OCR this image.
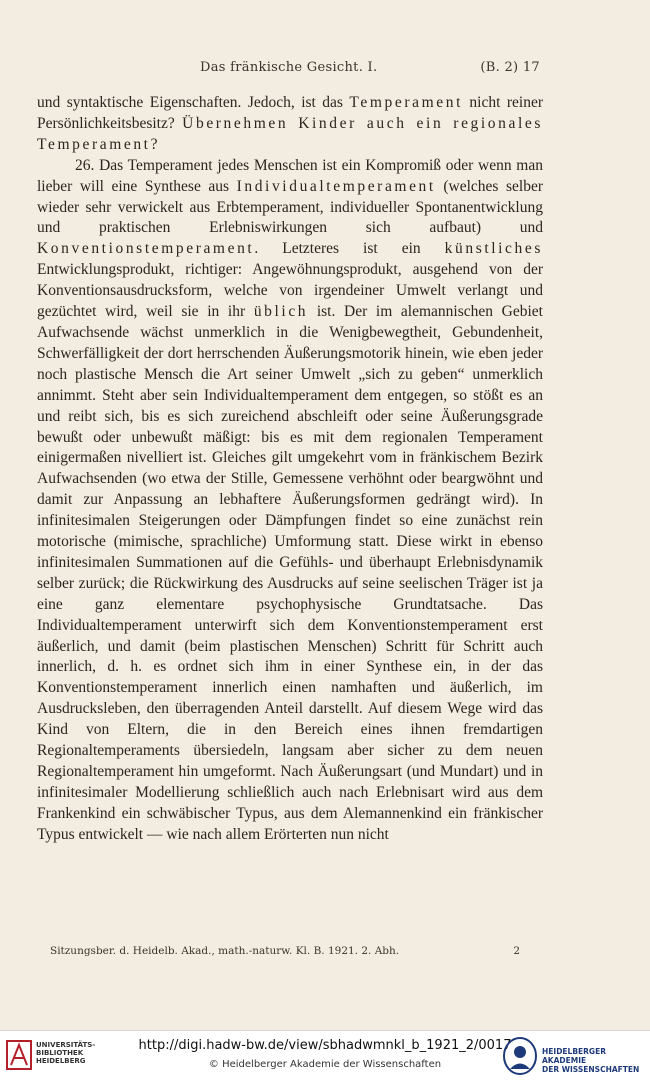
Das fränkische Gesicht. I.	(B. 2) 17

und syntaktische Eigenschaften. Jedoch, ist das Temperament nicht reiner Persönlichkeitsbesitz? Übernehmen Kinder auch ein regionales Temperament?

26. Das Temperament jedes Menschen ist ein Kompromiß oder wenn man lieber will eine Synthese aus Individualtemperament (welches selber wieder sehr verwickelt aus Erbtemperament, individueller Spontanentwicklung und praktischen Erlebniswirkungen sich aufbaut) und Konventionstemperament. Letzteres ist ein künstliches Entwicklungsprodukt, richtiger: Angewöhnungsprodukt, ausgehend von der Konventionsausdrucksform, welche von irgendeiner Umwelt verlangt und gezüchtet wird, weil sie in ihr üblich ist. Der im alemannischen Gebiet Aufwachsende wächst unmerklich in die Wenigbewegtheit, Gebundenheit, Schwerfälligkeit der dort herrschenden Äußerungsmotorik hinein, wie eben jeder noch plastische Mensch die Art seiner Umwelt „sich zu geben“ unmerklich annimmt. Steht aber sein Individualtemperament dem entgegen, so stößt es an und reibt sich, bis es sich zureichend abschleift oder seine Äußerungsgrade bewußt oder unbewußt mäßigt: bis es mit dem regionalen Temperament einigermaßen nivelliert ist. Gleiches gilt umgekehrt vom in fränkischem Bezirk Aufwachsenden (wo etwa der Stille, Gemessene verhöhnt oder beargwöhnt und damit zur Anpassung an lebhaftere Äußerungsformen gedrängt wird). In infinitesimalen Steigerungen oder Dämpfungen findet so eine zunächst rein motorische (mimische, sprachliche) Umformung statt. Diese wirkt in ebenso infinitesimalen Summationen auf die Gefühls- und überhaupt Erlebnisdynamik selber zurück; die Rückwirkung des Ausdrucks auf seine seelischen Träger ist ja eine ganz elementare psychophysische Grundtatsache. Das Individualtemperament unterwirft sich dem Konventionstemperament erst äußerlich, und damit (beim plastischen Menschen) Schritt für Schritt auch innerlich, d. h. es ordnet sich ihm in einer Synthese ein, in der das Konventionstemperament innerlich einen namhaften und äußerlich, im Ausdrucksleben, den überragenden Anteil darstellt. Auf diesem Wege wird das Kind von Eltern, die in den Bereich eines ihnen fremdartigen Regionaltemperaments übersiedeln, langsam aber sicher zu dem neuen Regionaltemperament hin umgeformt. Nach Äußerungsart (und Mundart) und in infinitesimaler Modellierung schließlich auch nach Erlebnisart wird aus dem Frankenkind ein schwäbischer Typus, aus dem Alemannenkind ein fränkischer Typus entwickelt — wie nach allem Erörterten nun nicht

Sitzungsber. d. Heidelb. Akad., math.-naturw. Kl. B. 1921. 2. Abh.	2
UNIVERSITÄTS-
BIBLIOTHEK
HEIDELBERG
http://digi.hadw-bw.de/view/sbhadwmnkl_b_1921_2/0017
© Heidelberger Akademie der Wissenschaften
HEIDELBERGER AKADEMIE
DER WISSENSCHAFTEN
